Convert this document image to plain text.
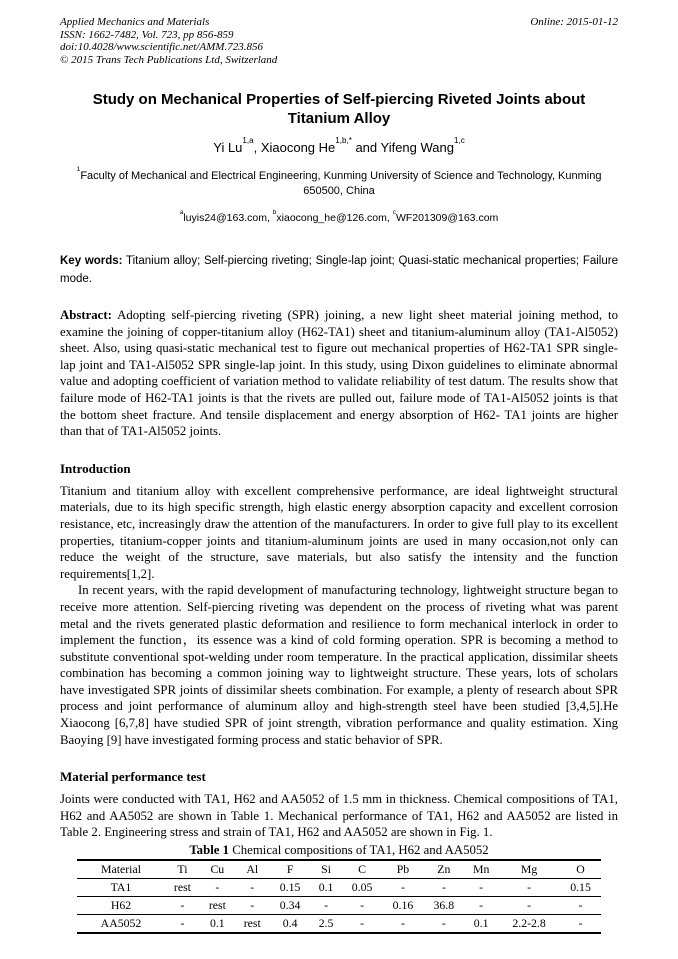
Applied Mechanics and Materials
ISSN: 1662-7482, Vol. 723, pp 856-859
doi:10.4028/www.scientific.net/AMM.723.856
© 2015 Trans Tech Publications Ltd, Switzerland
Online: 2015-01-12
Study on Mechanical Properties of Self-piercing Riveted Joints about Titanium Alloy
Yi Lu$^{1,a}$, Xiaocong $He^{1,b,*}$ and Yifeng Wang$^{1,c}$
$^1$Faculty of Mechanical and Electrical Engineering, Kunming University of Science and Technology, Kunming 650500, China
$^a$luyis24@163.com, $^b$xiaocong_he@126.com, $^c$WF201309@163.com

Key words: Titanium alloy; Self-piercing riveting; Single-lap joint; Quasi-static mechanical properties; Failure mode.

Abstract: Adopting self-piercing riveting (SPR) joining, a new light sheet material joining method, to examine the joining of copper-titanium alloy (H62-TA1) sheet and titanium-aluminum alloy (TA1-Al5052) sheet. Also, using quasi-static mechanical test to figure out mechanical properties of H62-TA1 SPR single-lap joint and TA1-Al5052 SPR single-lap joint. In this study, using Dixon guidelines to eliminate abnormal value and adopting coefficient of variation method to validate reliability of test datum. The results show that failure mode of H62-TA1 joints is that the rivets are pulled out, failure mode of TA1-Al5052 joints is that the bottom sheet fracture. And tensile displacement and energy absorption of H62- TA1 joints are higher than that of TA1-Al5052 joints.

Introduction

Titanium and titanium alloy with excellent comprehensive performance, are ideal lightweight structural materials, due to its high specific strength, high elastic energy absorption capacity and excellent corrosion resistance, etc, increasingly draw the attention of the manufacturers. In order to give full play to its excellent properties, titanium-copper joints and titanium-aluminum joints are used in many occasion,not only can reduce the weight of the structure, save materials, but also satisfy the intensity and the function requirements[1,2].

In recent years, with the rapid development of manufacturing technology, lightweight structure began to receive more attention. Self-piercing riveting was dependent on the process of riveting what was parent metal and the rivets generated plastic deformation and resilience to form mechanical interlock in order to implement the function，its essence was a kind of cold forming operation. SPR is becoming a method to substitute conventional spot-welding under room temperature. In the practical application, dissimilar sheets combination has becoming a common joining way to lightweight structure. These years, lots of scholars have investigated SPR joints of dissimilar sheets combination. For example, a plenty of research about SPR process and joint performance of aluminum alloy and high-strength steel have been studied [3,4,5].He Xiaocong [6,7,8] have studied SPR of joint strength, vibration performance and quality estimation. Xing Baoying [9] have investigated forming process and static behavior of SPR.

Material performance test

Joints were conducted with TA1, H62 and AA5052 of 1.5 mm in thickness. Chemical compositions of TA1, H62 and AA5052 are shown in Table 1. Mechanical performance of TA1, H62 and AA5052 are listed in Table 2. Engineering stress and strain of TA1, H62 and AA5052 are shown in Fig. 1.

Table 1 Chemical compositions of TA1, H62 and AA5052
Material	Ti	Cu	Al	F	Si	C	Pb	Zn	Mn	Mg	O
TA1	rest	-	-	0.15	0.1	0.05	-	-	-	-	0.15
H62	-	rest	-	0.34	-	-	0.16	36.8	-	-	-
AA5052	-	0.1	rest	0.4	2.5	-	-	-	0.1	2.2-2.8	-
